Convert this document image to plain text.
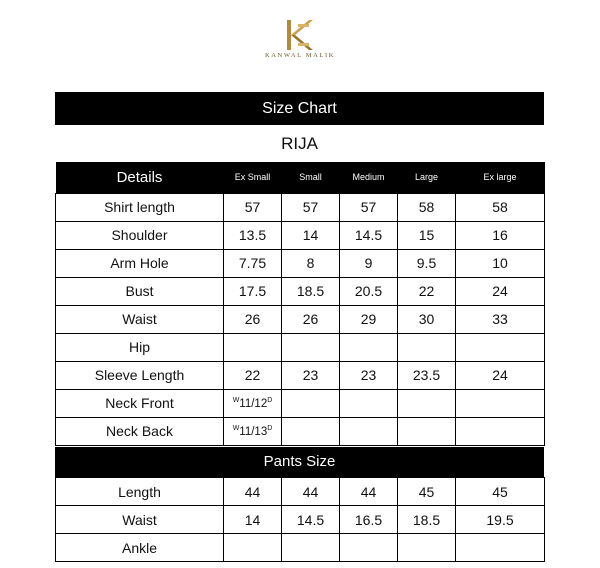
KANWAL MALIK
Size Chart
RIJA
Details	Ex Small	Small	Medium	Large	Ex large
Shirt length	57	57	57	58	58
Shoulder	13.5	14	14.5	15	16
Arm Hole	7.75	8	9	9.5	10
Bust	17.5	18.5	20.5	22	24
Waist	26	26	29	30	33
Hip					
Sleeve Length	22	23	23	23.5	24
Neck Front	$^W11/12^D$				
Neck Back	$^W11/13^D$				
Pants Size
Length	44	44	44	45	45
Waist	14	14.5	16.5	18.5	19.5
Ankle					
